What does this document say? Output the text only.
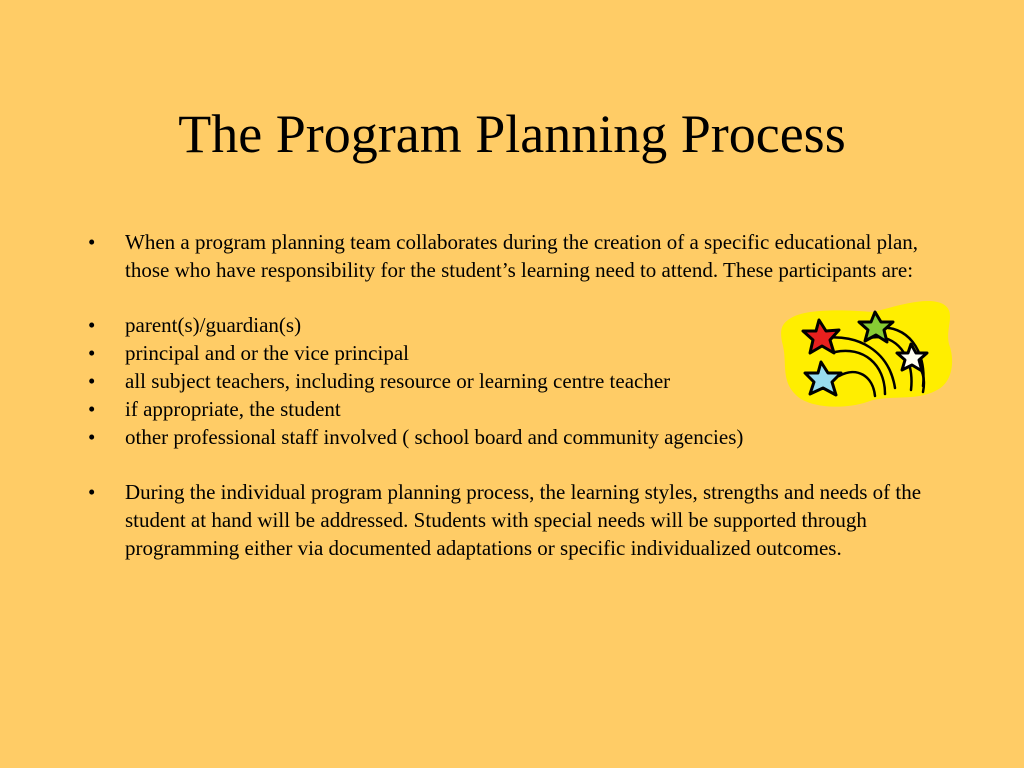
The Program Planning Process
• When a program planning team collaborates during the creation of a specific educational plan, those who have responsibility for the student’s learning need to attend. These participants are:
• parent(s)/guardian(s)
• principal and or the vice principal
• all subject teachers, including resource or learning centre teacher
• if appropriate, the student
• other professional staff involved ( school board and community agencies)
• During the individual program planning process, the learning styles, strengths and needs of the student at hand will be addressed. Students with special needs will be supported through programming either via documented adaptations or specific individualized outcomes.
